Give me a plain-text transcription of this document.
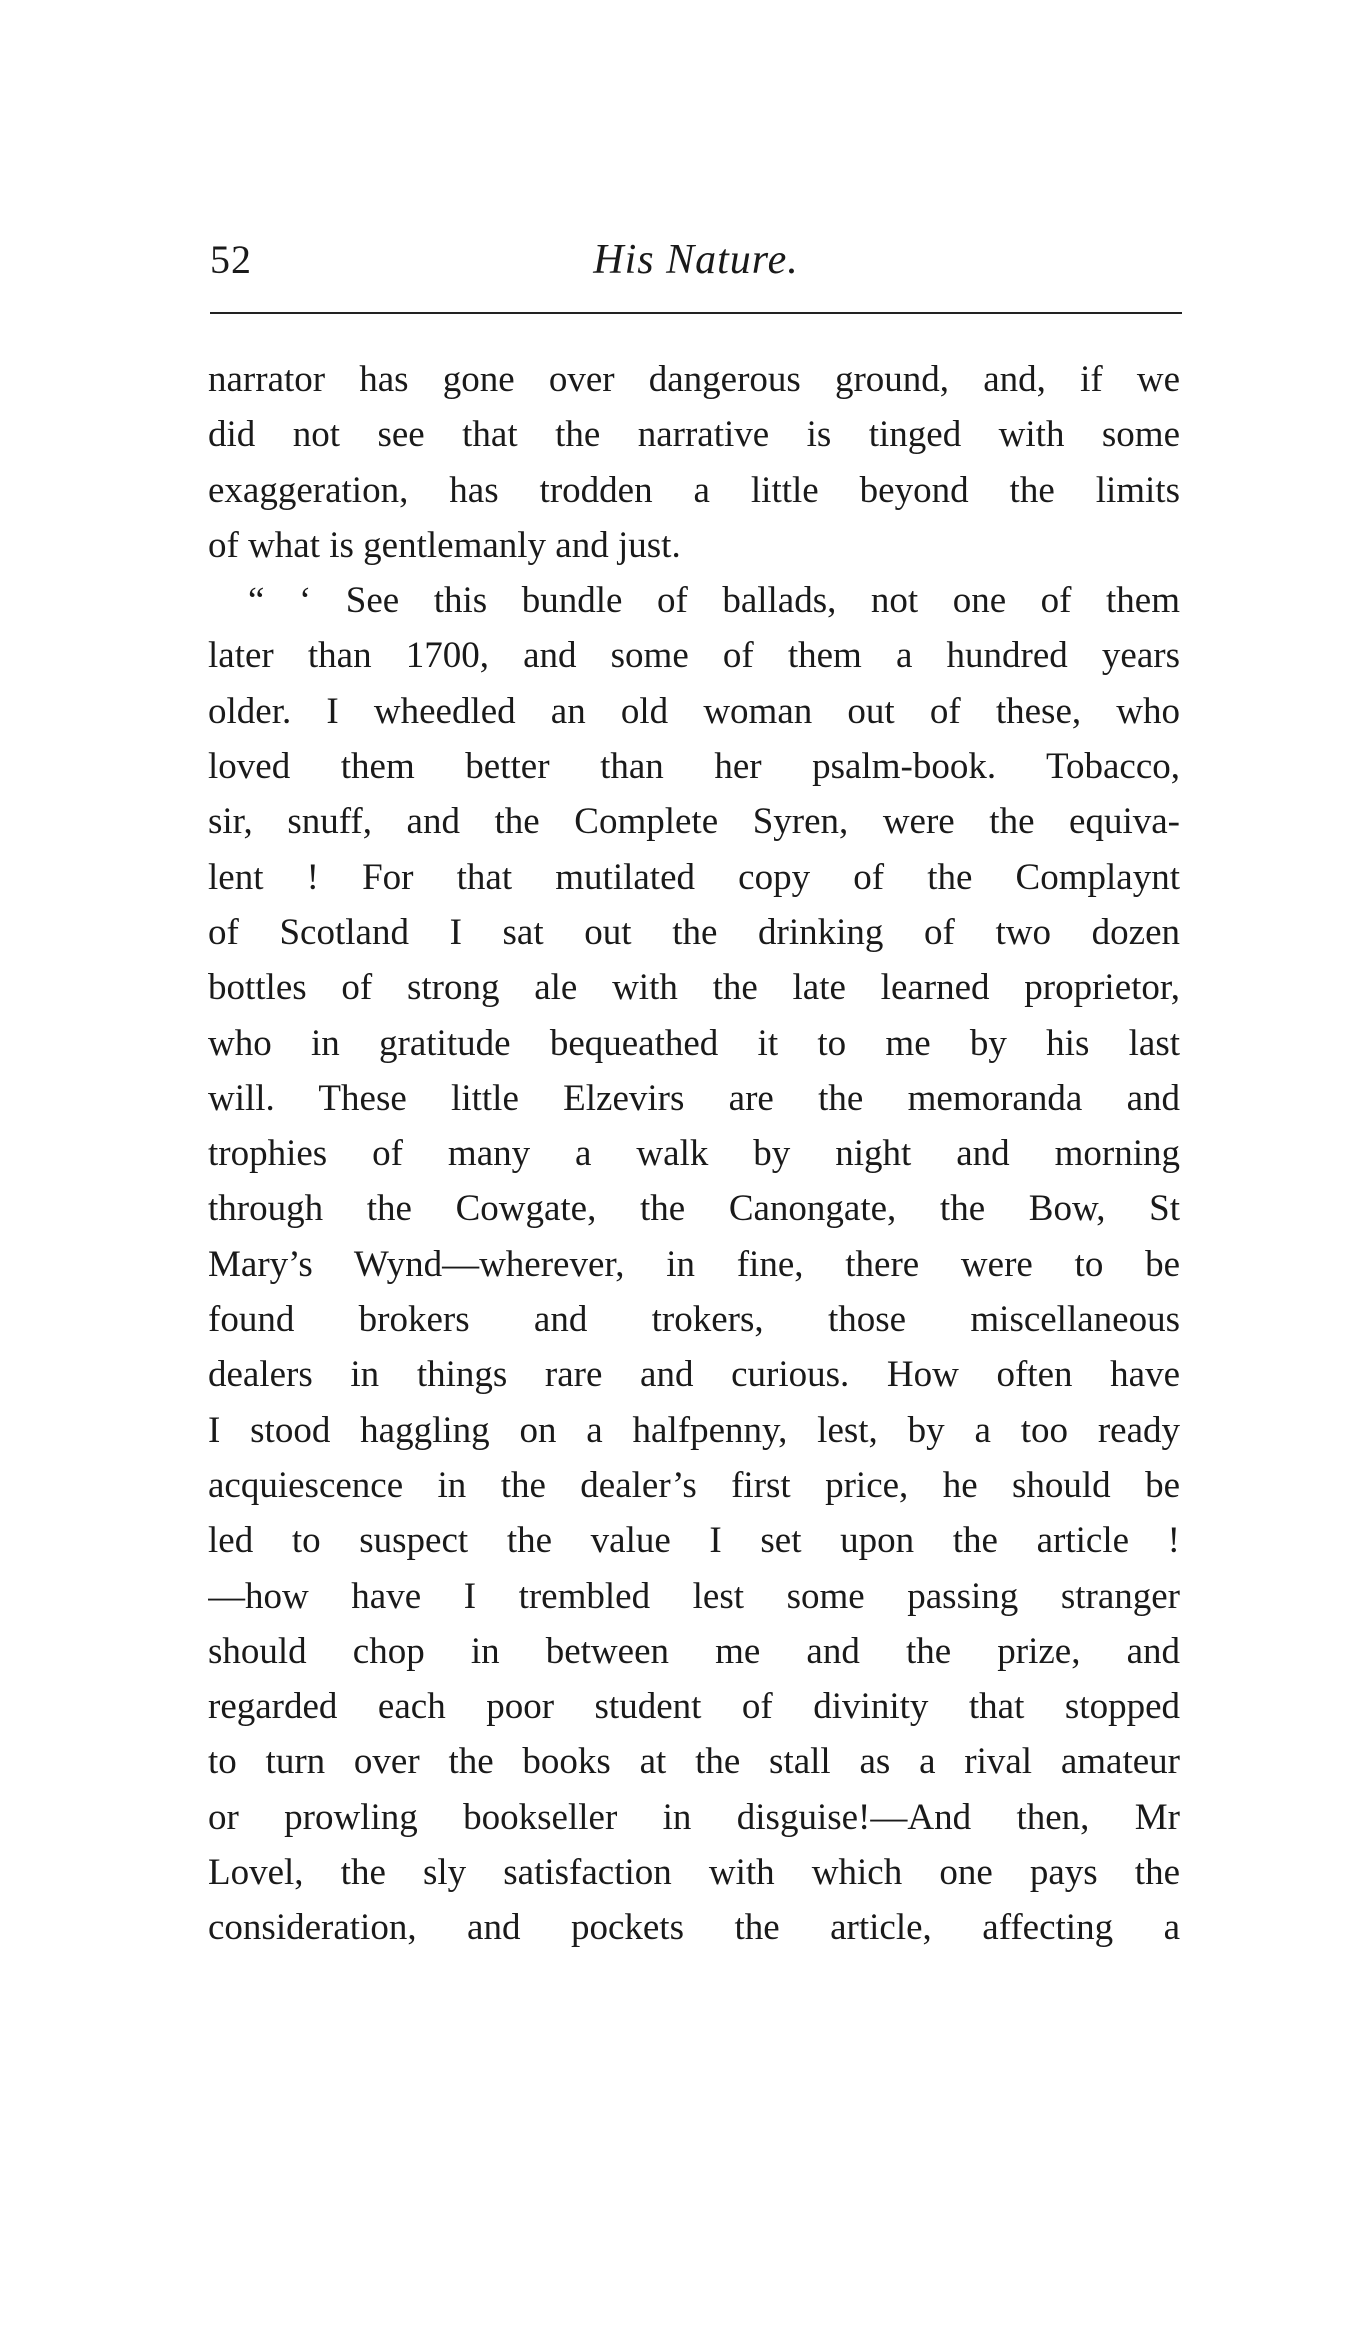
52	His Nature.
narrator has gone over dangerous ground, and, if we
did not see that the narrative is tinged with some
exaggeration, has trodden a little beyond the limits
of what is gentlemanly and just.
“ ‘ See this bundle of ballads, not one of them
later than 1700, and some of them a hundred years
older. I wheedled an old woman out of these, who
loved them better than her psalm-book. Tobacco,
sir, snuff, and the Complete Syren, were the equiva-
lent ! For that mutilated copy of the Complaynt
of Scotland I sat out the drinking of two dozen
bottles of strong ale with the late learned proprietor,
who in gratitude bequeathed it to me by his last
will. These little Elzevirs are the memoranda and
trophies of many a walk by night and morning
through the Cowgate, the Canongate, the Bow, St
Mary’s Wynd—wherever, in fine, there were to be
found brokers and trokers, those miscellaneous
dealers in things rare and curious. How often have
I stood haggling on a halfpenny, lest, by a too ready
acquiescence in the dealer’s first price, he should be
led to suspect the value I set upon the article !
—how have I trembled lest some passing stranger
should chop in between me and the prize, and
regarded each poor student of divinity that stopped
to turn over the books at the stall as a rival amateur
or prowling bookseller in disguise!—And then, Mr
Lovel, the sly satisfaction with which one pays the
consideration, and pockets the article, affecting a
